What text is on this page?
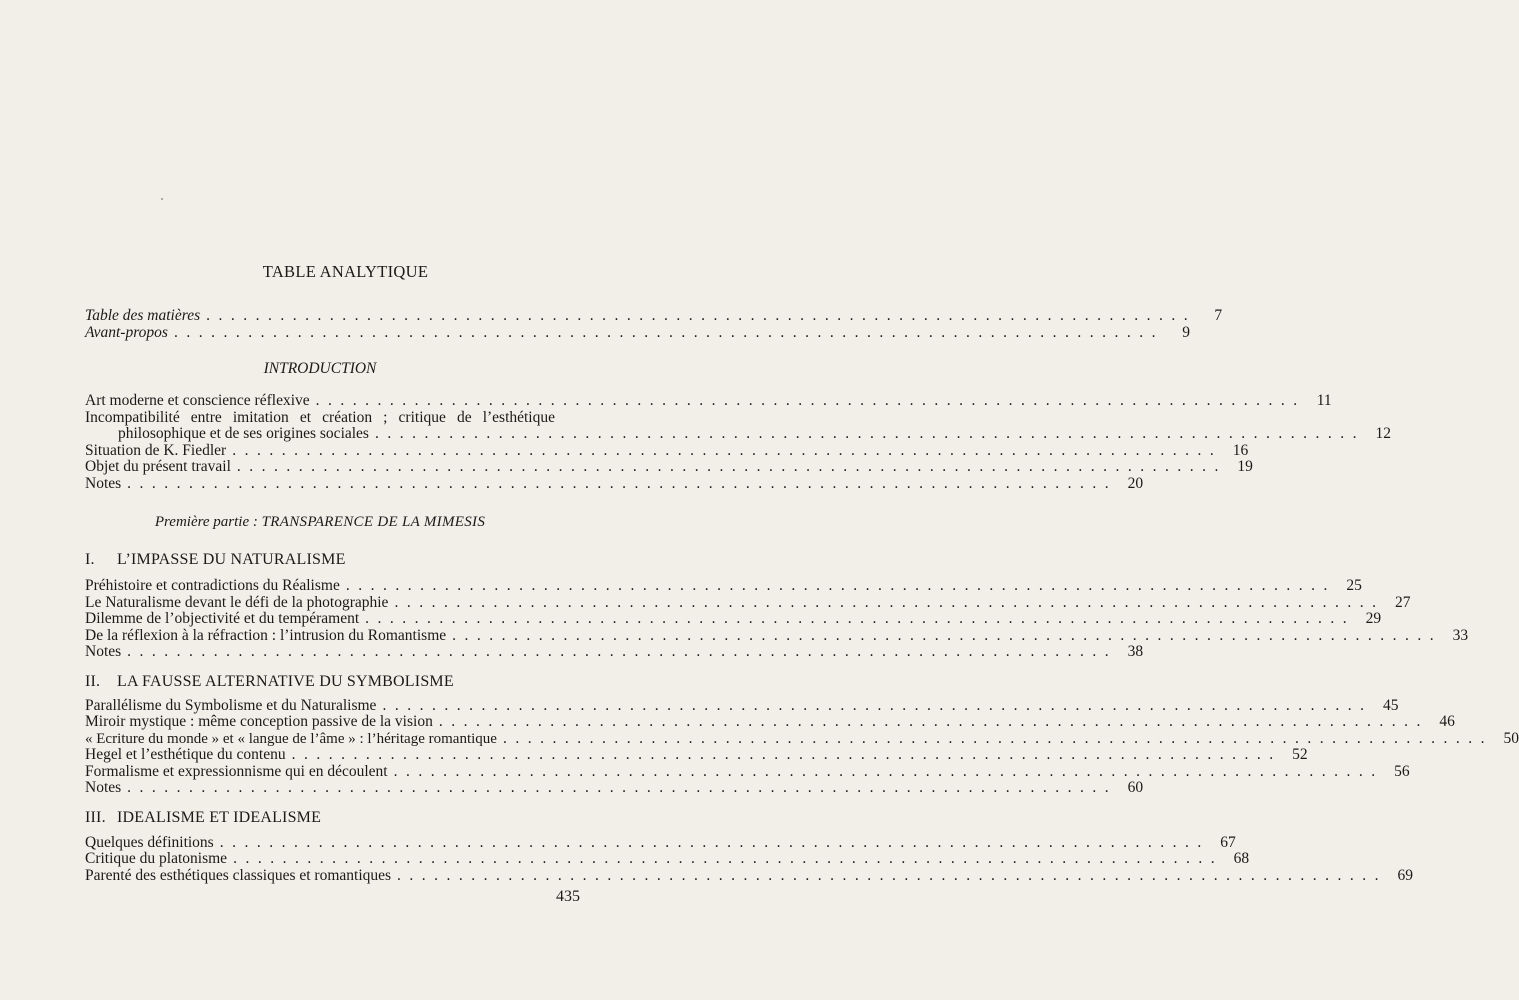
TABLE ANALYTIQUE
Table des matières ................................................................................	7
Avant-propos ................................................................................	9
INTRODUCTION
Art moderne et conscience réflexive ................................................................................ 11
Incompatibilité entre imitation et création ; critique de l’esthétique
philosophique et de ses origines sociales ................................................................................ 12
Situation de K. Fiedler ................................................................................ 16
Objet du présent travail ................................................................................ 19
Notes ................................................................................ 20
Première partie : TRANSPARENCE DE LA MIMESIS
I. L’IMPASSE DU NATURALISME
Préhistoire et contradictions du Réalisme ................................................................................ 25
Le Naturalisme devant le défi de la photographie ................................................................................ 27
Dilemme de l’objectivité et du tempérament ................................................................................ 29
De la réflexion à la réfraction : l’intrusion du Romantisme ................................................................................ 33
Notes ................................................................................ 38
II. LA FAUSSE ALTERNATIVE DU SYMBOLISME
Parallélisme du Symbolisme et du Naturalisme ................................................................................ 45
Miroir mystique : même conception passive de la vision ................................................................................ 46
« Ecriture du monde » et « langue de l’âme » : l’héritage romantique ................................................................................ 50
Hegel et l’esthétique du contenu ................................................................................ 52
Formalisme et expressionnisme qui en découlent ................................................................................ 56
Notes ................................................................................ 60
III. IDEALISME ET IDEALISME
Quelques définitions ................................................................................ 67
Critique du platonisme ................................................................................ 68
Parenté des esthétiques classiques et romantiques ................................................................................ 69
435
